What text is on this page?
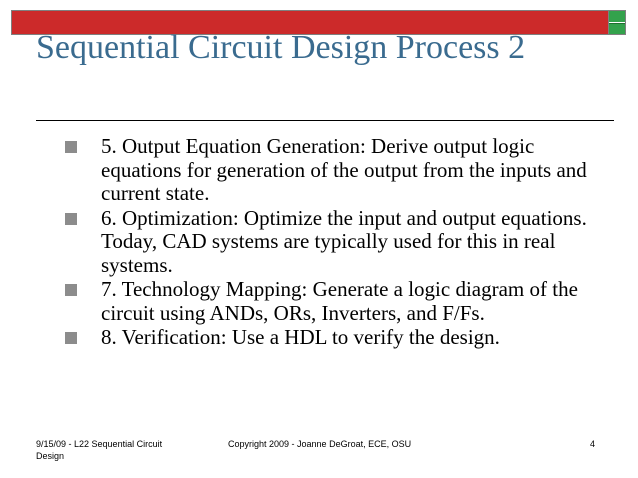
Sequential Circuit Design Process 2
5. Output Equation Generation: Derive output logic equations for generation of the output from the inputs and current state.
6. Optimization: Optimize the input and output equations. Today, CAD systems are typically used for this in real systems.
7. Technology Mapping: Generate a logic diagram of the circuit using ANDs, ORs, Inverters, and F/Fs.
8. Verification: Use a HDL to verify the design.
9/15/09 - L22 Sequential Circuit Design
Copyright 2009 - Joanne DeGroat, ECE, OSU	4
